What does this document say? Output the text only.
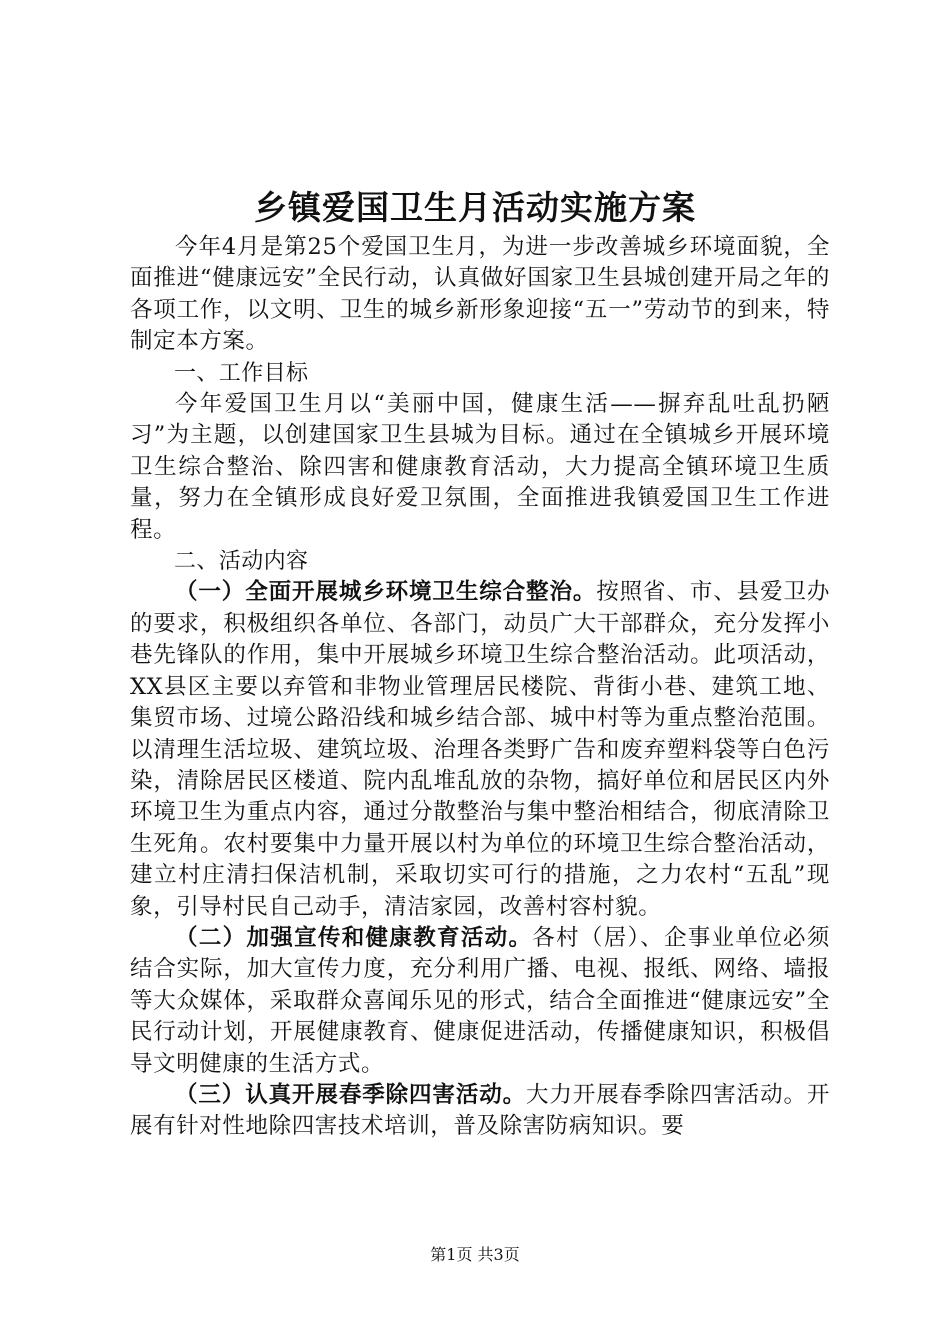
乡镇爱国卫生月活动实施方案

今年4月是第25个爱国卫生月，为进一步改善城乡环境面貌，全面推进“健康远安”全民行动，认真做好国家卫生县城创建开局之年的各项工作，以文明、卫生的城乡新形象迎接“五一”劳动节的到来，特制定本方案。

一、工作目标

今年爱国卫生月以“美丽中国，健康生活——摒弃乱吐乱扔陋习”为主题，以创建国家卫生县城为目标。通过在全镇城乡开展环境卫生综合整治、除四害和健康教育活动，大力提高全镇环境卫生质量，努力在全镇形成良好爱卫氛围，全面推进我镇爱国卫生工作进程。

二、活动内容

（一）全面开展城乡环境卫生综合整治。按照省、市、县爱卫办的要求，积极组织各单位、各部门，动员广大干部群众，充分发挥小巷先锋队的作用，集中开展城乡环境卫生综合整治活动。此项活动，XX县区主要以弃管和非物业管理居民楼院、背街小巷、建筑工地、集贸市场、过境公路沿线和城乡结合部、城中村等为重点整治范围。以清理生活垃圾、建筑垃圾、治理各类野广告和废弃塑料袋等白色污染，清除居民区楼道、院内乱堆乱放的杂物，搞好单位和居民区内外环境卫生为重点内容，通过分散整治与集中整治相结合，彻底清除卫生死角。农村要集中力量开展以村为单位的环境卫生综合整治活动，建立村庄清扫保洁机制，采取切实可行的措施，之力农村“五乱”现象，引导村民自己动手，清洁家园，改善村容村貌。

（二）加强宣传和健康教育活动。各村（居）、企事业单位必须结合实际，加大宣传力度，充分利用广播、电视、报纸、网络、墙报等大众媒体，采取群众喜闻乐见的形式，结合全面推进“健康远安”全民行动计划，开展健康教育、健康促进活动，传播健康知识，积极倡导文明健康的生活方式。

（三）认真开展春季除四害活动。大力开展春季除四害活动。开展有针对性地除四害技术培训，普及除害防病知识。要

第1页 共3页
